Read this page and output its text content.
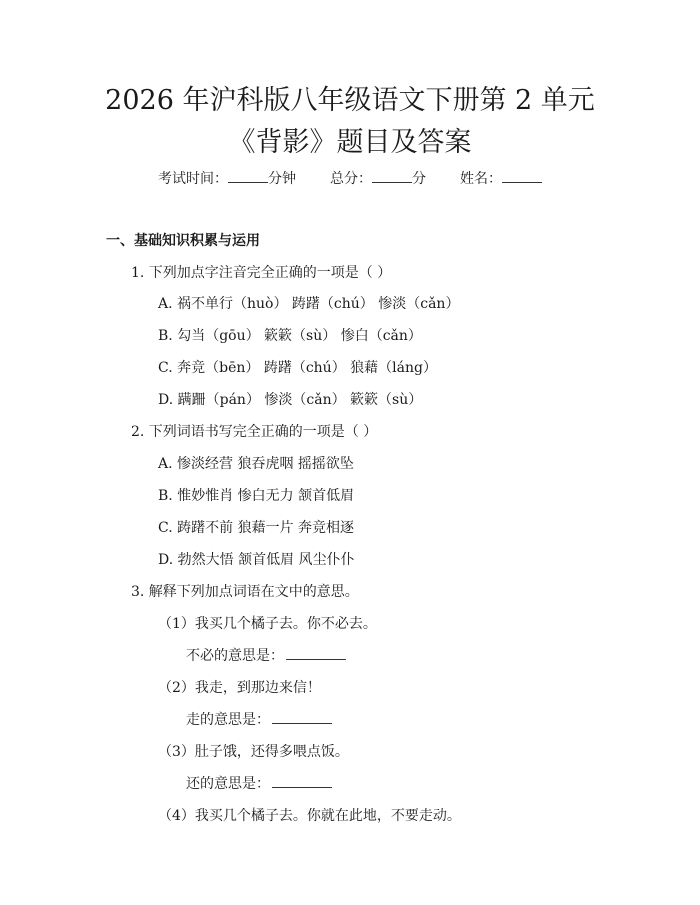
2026 年沪科版八年级语文下册第 2 单元《背影》题目及答案
考试时间：	分钟 总分：	分 姓名：
一、基础知识积累与运用
1. 下列加点字注音完全正确的一项是（ ）
A. 祸不单行（huò） 踌躇（chú） 惨淡（cǎn）
B. 勾当（gōu） 簌簌（sù） 惨白（cǎn）
C. 奔竞（bēn） 踌躇（chú） 狼藉（láng）
D. 蹒跚（pán） 惨淡（cǎn） 簌簌（sù）
2. 下列词语书写完全正确的一项是（ ）
A. 惨淡经营 狼吞虎咽 摇摇欲坠
B. 惟妙惟肖 惨白无力 颔首低眉
C. 踌躇不前 狼藉一片 奔竞相逐
D. 勃然大悟 颔首低眉 风尘仆仆
3. 解释下列加点词语在文中的意思。
（1）我买几个橘子去。你不必去。
不必的意思是：
（2）我走，到那边来信！
走的意思是：
（3）肚子饿，还得多喂点饭。
还的意思是：
（4）我买几个橘子去。你就在此地，不要走动。
